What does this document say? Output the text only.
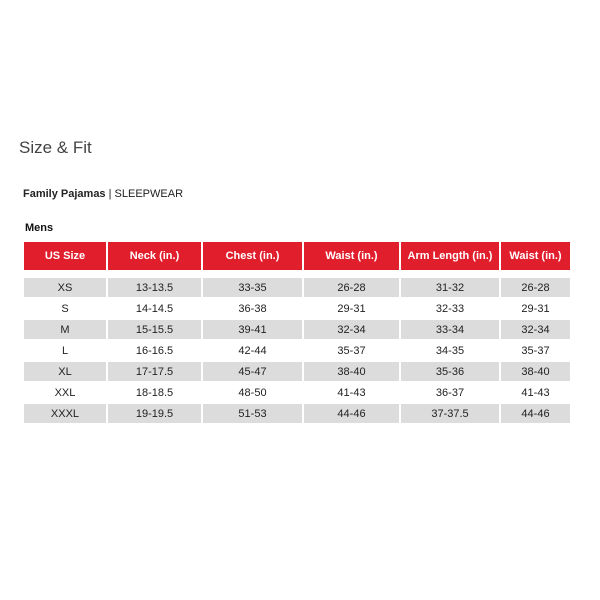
Size & Fit
Family Pajamas | SLEEPWEAR
Mens
US Size	Neck (in.)	Chest (in.)	Waist (in.)	Arm Length (in.)	Waist (in.)

XS	13-13.5	33-35	26-28	31-32	26-28
S	14-14.5	36-38	29-31	32-33	29-31
M	15-15.5	39-41	32-34	33-34	32-34
L	16-16.5	42-44	35-37	34-35	35-37
XL	17-17.5	45-47	38-40	35-36	38-40
XXL	18-18.5	48-50	41-43	36-37	41-43
XXXL	19-19.5	51-53	44-46	37-37.5	44-46
